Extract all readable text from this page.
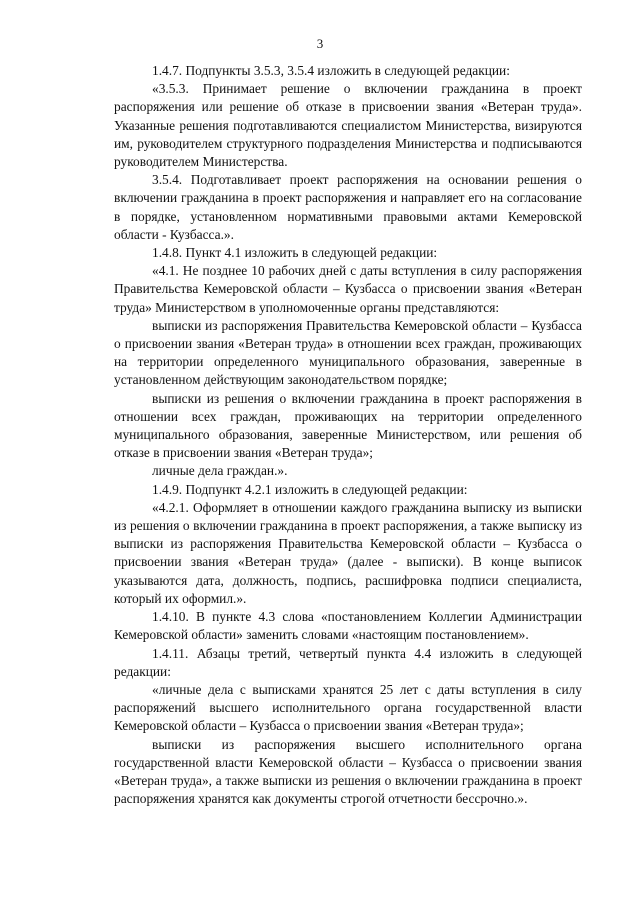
3

1.4.7. Подпункты 3.5.3, 3.5.4 изложить в следующей редакции:

«3.5.3. Принимает решение о включении гражданина в проект распоряжения или решение об отказе в присвоении звания «Ветеран труда». Указанные решения подготавливаются специалистом Министерства, визируются им, руководителем структурного подразделения Министерства и подписываются руководителем Министерства.

3.5.4. Подготавливает проект распоряжения на основании решения о включении гражданина в проект распоряжения и направляет его на согласование в порядке, установленном нормативными правовыми актами Кемеровской области - Кузбасса.».

1.4.8. Пункт 4.1 изложить в следующей редакции:

«4.1. Не позднее 10 рабочих дней с даты вступления в силу распоряжения Правительства Кемеровской области – Кузбасса о присвоении звания «Ветеран труда» Министерством в уполномоченные органы представляются:

выписки из распоряжения Правительства Кемеровской области – Кузбасса о присвоении звания «Ветеран труда» в отношении всех граждан, проживающих на территории определенного муниципального образования, заверенные в установленном действующим законодательством порядке;

выписки из решения о включении гражданина в проект распоряжения в отношении всех граждан, проживающих на территории определенного муниципального образования, заверенные Министерством, или решения об отказе в присвоении звания «Ветеран труда»;

личные дела граждан.».

1.4.9. Подпункт 4.2.1 изложить в следующей редакции:

«4.2.1. Оформляет в отношении каждого гражданина выписку из выписки из решения о включении гражданина в проект распоряжения, а также выписку из выписки из распоряжения Правительства Кемеровской области – Кузбасса о присвоении звания «Ветеран труда» (далее - выписки). В конце выписок указываются дата, должность, подпись, расшифровка подписи специалиста, который их оформил.».

1.4.10. В пункте 4.3 слова «постановлением Коллегии Администрации Кемеровской области» заменить словами «настоящим постановлением».

1.4.11. Абзацы третий, четвертый пункта 4.4 изложить в следующей редакции:

«личные дела с выписками хранятся 25 лет с даты вступления в силу распоряжений высшего исполнительного органа государственной власти Кемеровской области – Кузбасса о присвоении звания «Ветеран труда»;

выписки из распоряжения высшего исполнительного органа государственной власти Кемеровской области – Кузбасса о присвоении звания «Ветеран труда», а также выписки из решения о включении гражданина в проект распоряжения хранятся как документы строгой отчетности бессрочно.».
